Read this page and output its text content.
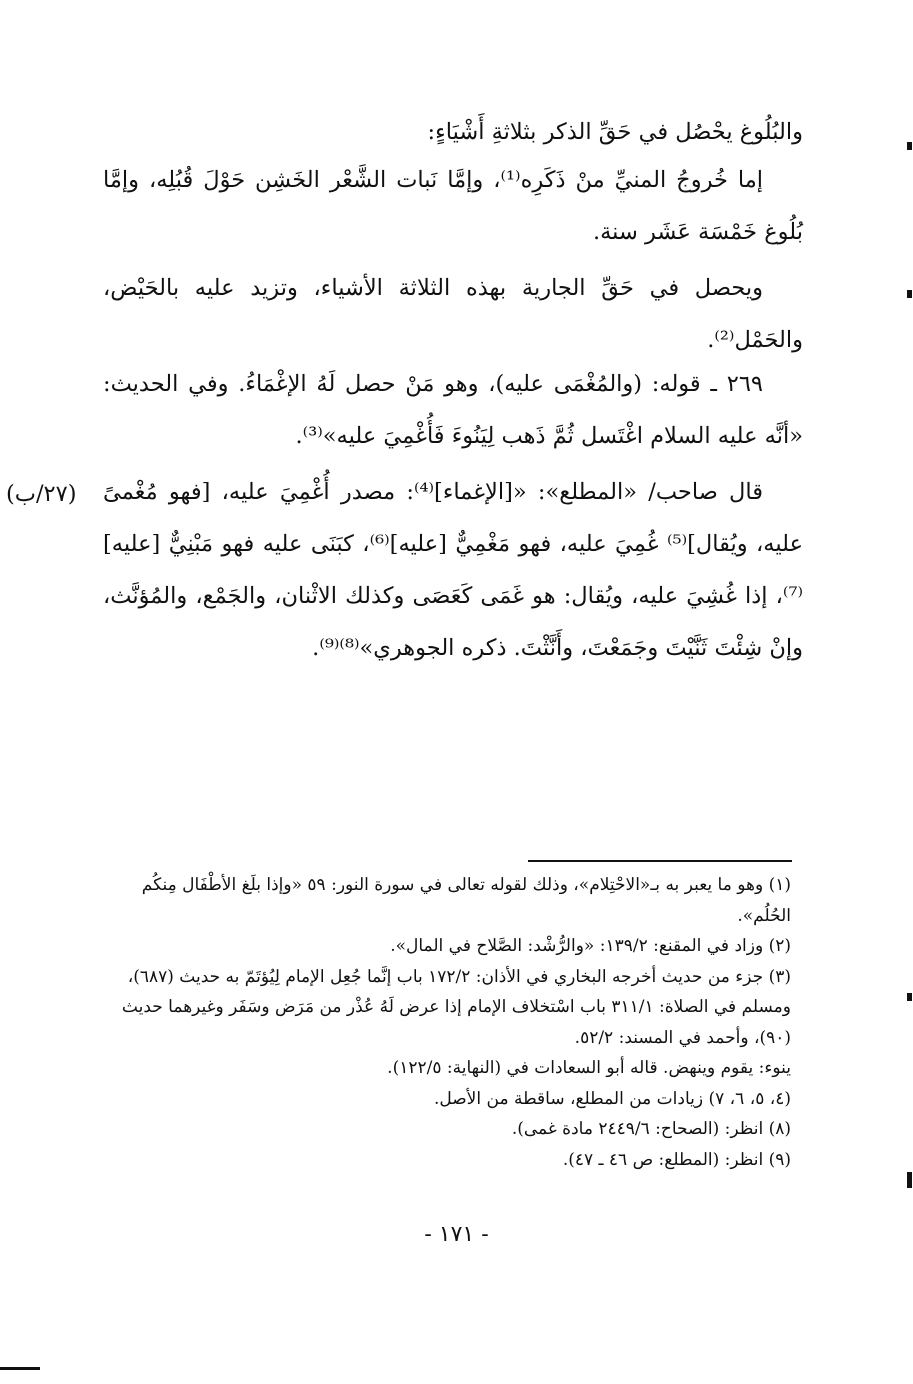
والبُلُوغ يحْصُل في حَقِّ الذكر بثلاثةِ أَشْيَاءٍ:

إما خُروجُ المنيِّ منْ ذَكَرِه⁽¹⁾، وإمَّا نَبات الشَّعْر الخَشِن حَوْلَ قُبُلِه، وإمَّا بُلُوغ خَمْسَة عَشَر سنة.

ويحصل في حَقِّ الجارية بهذه الثلاثة الأشياء، وتزيد عليه بالحَيْض، والحَمْل⁽²⁾.

٢٦٩ ـ قوله: (والمُغْمَى عليه)، وهو مَنْ حصل لَهُ الإغْمَاءُ. وفي الحديث: «أنَّه عليه السلام اغْتَسل ثُمَّ ذَهب لِيَنُوءَ فَأُغْمِيَ عليه»⁽³⁾.

قال صاحب/ «المطلع»: «[الإغماء]⁽⁴⁾: مصدر أُغْمِيَ عليه، [فهو مُغْمىً عليه، ويُقال]⁽⁵⁾ غُمِيَ عليه، فهو مَغْمِيٌّ [عليه]⁽⁶⁾، كبَنَى عليه فهو مَبْنِيٌّ [عليه]⁽⁷⁾، إذا غُشِيَ عليه، ويُقال: هو غَمَى كَعَصَى وكذلك الاثْنان، والجَمْع، والمُؤنَّث، وإنْ شِئْتَ ثَنَّيْتَ وجَمَعْتَ، وأَنَّثْتَ. ذكره الجوهري»⁽⁸⁾⁽⁹⁾.

(٢٧/ب)
(١) وهو ما يعبر به بـ«الاحْتِلام»، وذلك لقوله تعالى في سورة النور: ٥٩ «وإذا بلَغ الأطْفَال مِنكُم الحُلُم».
(٢) وزاد في المقنع: ١٣٩/٢: «والرُّشْد: الصَّلاح في المال».
(٣) جزء من حديث أخرجه البخاري في الأذان: ١٧٢/٢ باب إنَّما جُعِل الإمام لِيُؤتَمّ به حديث (٦٨٧)، ومسلم في الصلاة: ٣١١/١ باب اسْتخلاف الإمام إذا عرض لَهُ عُذْر من مَرَض وسَفَر وغيرهما حديث (٩٠)، وأحمد في المسند: ٥٢/٢.
ينوء: يقوم وينهض. قاله أبو السعادات في (النهاية: ١٢٢/٥).
(٤، ٥، ٦، ٧) زيادات من المطلع، ساقطة من الأصل.
(٨) انظر: (الصحاح: ٢٤٤٩/٦ مادة غمى).
(٩) انظر: (المطلع: ص ٤٦ ـ ٤٧).
- ١٧١ -
